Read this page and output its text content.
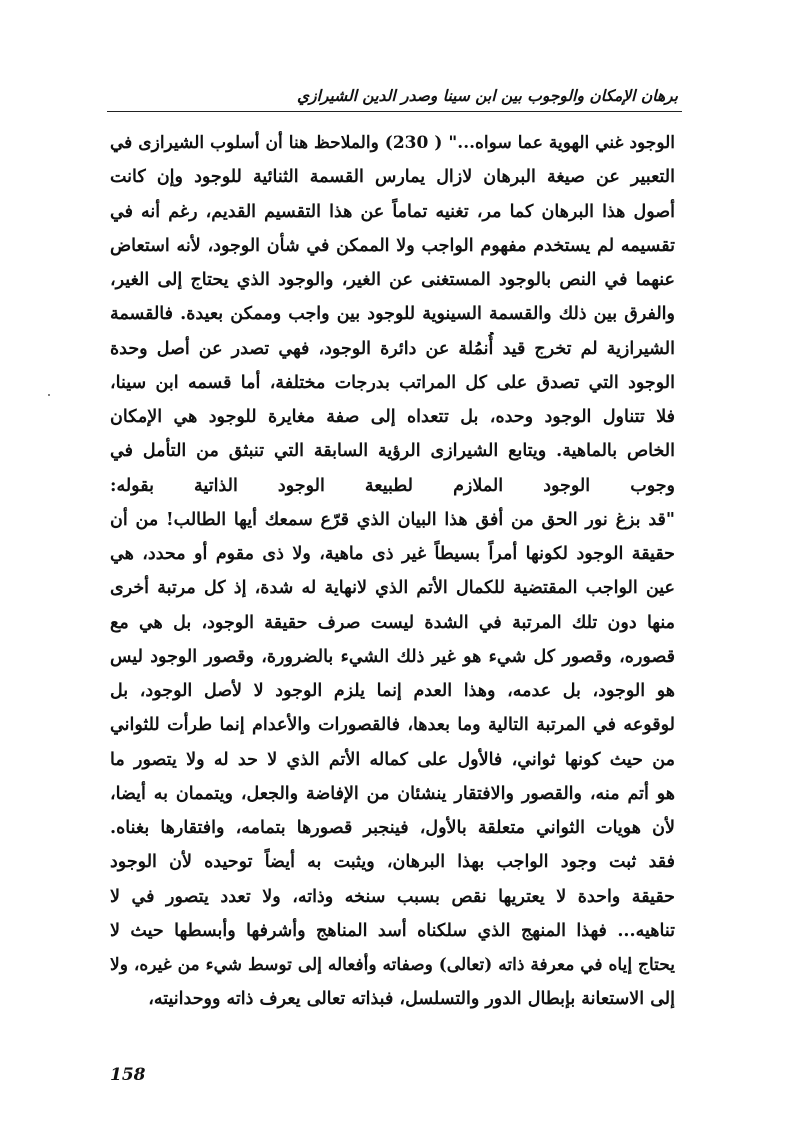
برهان الإمكان والوجوب بين ابن سينا وصدر الدين الشيرازي
الوجود غني الهوية عما سواه..." ( 230) والملاحظ هنا أن أسلوب الشيرازى في
التعبير عن صيغة البرهان لازال يمارس القسمة الثنائية للوجود وإن كانت
أصول هذا البرهان كما مر، تغنيه تماماً عن هذا التقسيم القديم، رغم أنه في
تقسيمه لم يستخدم مفهوم الواجب ولا الممكن في شأن الوجود، لأنه استعاض
عنهما في النص بالوجود المستغنى عن الغير، والوجود الذي يحتاج إلى الغير،
والفرق بين ذلك والقسمة السينوية للوجود بين واجب وممكن بعيدة. فالقسمة
الشيرازية لم تخرج قيد أُنمُلة عن دائرة الوجود، فهي تصدر عن أصل وحدة
الوجود التي تصدق على كل المراتب بدرجات مختلفة، أما قسمه ابن سينا،
فلا تتناول الوجود وحده، بل تتعداه إلى صفة مغايرة للوجود هي الإمكان
الخاص بالماهية. ويتابع الشيرازى الرؤية السابقة التي تنبثق من التأمل في
وجوب الوجود الملازم لطبيعة الوجود الذاتية بقوله:
"قد بزغ نور الحق من أفق هذا البيان الذي قرّع سمعك أيها الطالب! من أن
حقيقة الوجود لكونها أمراً بسيطاً غير ذى ماهية، ولا ذى مقوم أو محدد، هي
عين الواجب المقتضية للكمال الأتم الذي لانهاية له شدة، إذ كل مرتبة أخرى
منها دون تلك المرتبة في الشدة ليست صرف حقيقة الوجود، بل هي مع
قصوره، وقصور كل شيء هو غير ذلك الشيء بالضرورة، وقصور الوجود ليس
هو الوجود، بل عدمه، وهذا العدم إنما يلزم الوجود لا لأصل الوجود، بل
لوقوعه في المرتبة التالية وما بعدها، فالقصورات والأعدام إنما طرأت للثواني
من حيث كونها ثواني، فالأول على كماله الأتم الذي لا حد له ولا يتصور ما
هو أتم منه، والقصور والافتقار ينشئان من الإفاضة والجعل، ويتممان به أيضا،
لأن هويات الثواني متعلقة بالأول، فينجبر قصورها بتمامه، وافتقارها بغناه.
فقد ثبت وجود الواجب بهذا البرهان، ويثبت به أيضاً توحيده لأن الوجود
حقيقة واحدة لا يعتريها نقص بسبب سنخه وذاته، ولا تعدد يتصور في لا
تناهيه... فهذا المنهج الذي سلكناه أسد المناهج وأشرفها وأبسطها حيث لا
يحتاج إياه في معرفة ذاته (تعالى) وصفاته وأفعاله إلى توسط شيء من غيره، ولا
إلى الاستعانة بإبطال الدور والتسلسل، فبذاته تعالى يعرف ذاته ووحدانيته،
158
